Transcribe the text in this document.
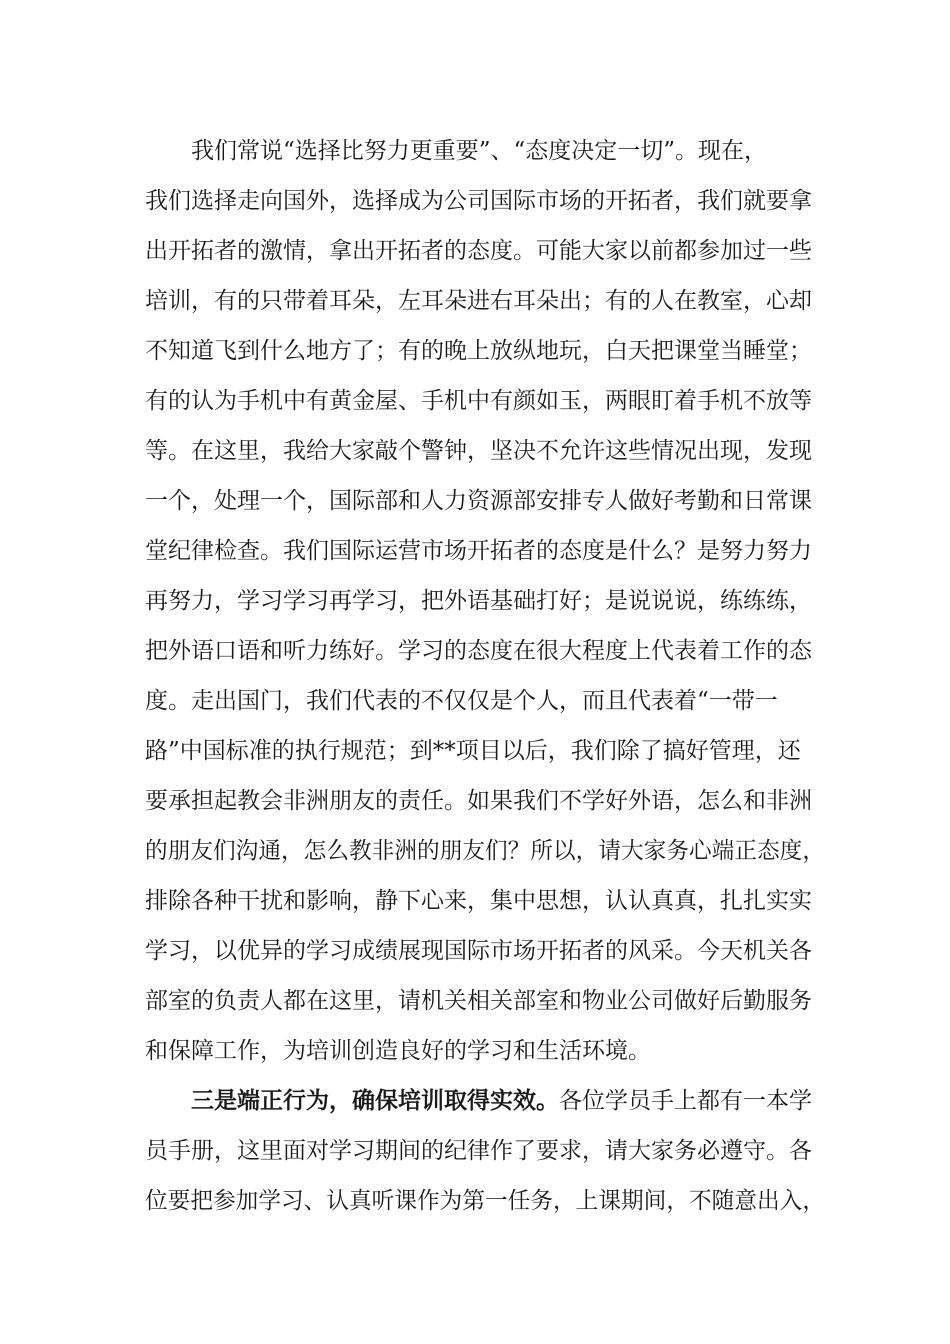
我们常说“选择比努力更重要”、“态度决定一切”。现在，
我们选择走向国外，选择成为公司国际市场的开拓者，我们就要拿
出开拓者的激情，拿出开拓者的态度。可能大家以前都参加过一些
培训，有的只带着耳朵，左耳朵进右耳朵出；有的人在教室，心却
不知道飞到什么地方了；有的晚上放纵地玩，白天把课堂当睡堂；
有的认为手机中有黄金屋、手机中有颜如玉，两眼盯着手机不放等
等。在这里，我给大家敲个警钟，坚决不允许这些情况出现，发现
一个，处理一个，国际部和人力资源部安排专人做好考勤和日常课
堂纪律检查。我们国际运营市场开拓者的态度是什么？是努力努力
再努力，学习学习再学习，把外语基础打好；是说说说，练练练，
把外语口语和听力练好。学习的态度在很大程度上代表着工作的态
度。走出国门，我们代表的不仅仅是个人，而且代表着“一带一
路”中国标准的执行规范；到**项目以后，我们除了搞好管理，还
要承担起教会非洲朋友的责任。如果我们不学好外语，怎么和非洲
的朋友们沟通，怎么教非洲的朋友们？所以，请大家务心端正态度，
排除各种干扰和影响，静下心来，集中思想，认认真真，扎扎实实
学习，以优异的学习成绩展现国际市场开拓者的风采。今天机关各
部室的负责人都在这里，请机关相关部室和物业公司做好后勤服务
和保障工作，为培训创造良好的学习和生活环境。
三是端正行为，确保培训取得实效。各位学员手上都有一本学
员手册，这里面对学习期间的纪律作了要求，请大家务必遵守。各
位要把参加学习、认真听课作为第一任务，上课期间，不随意出入，
